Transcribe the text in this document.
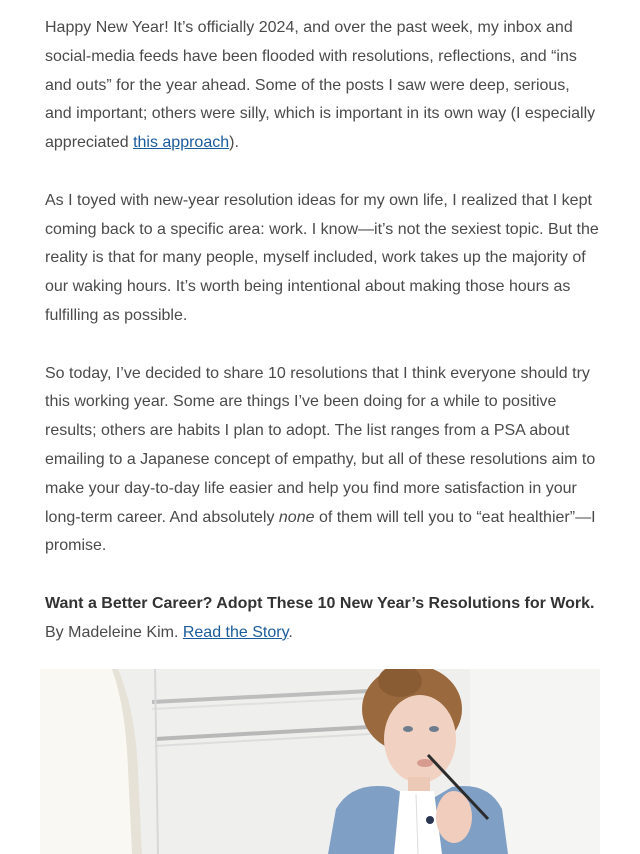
Happy New Year! It’s officially 2024, and over the past week, my inbox and social-media feeds have been flooded with resolutions, reflections, and “ins and outs” for the year ahead. Some of the posts I saw were deep, serious, and important; others were silly, which is important in its own way (I especially appreciated this approach).

As I toyed with new-year resolution ideas for my own life, I realized that I kept coming back to a specific area: work. I know—it’s not the sexiest topic. But the reality is that for many people, myself included, work takes up the majority of our waking hours. It’s worth being intentional about making those hours as fulfilling as possible.

So today, I’ve decided to share 10 resolutions that I think everyone should try this working year. Some are things I’ve been doing for a while to positive results; others are habits I plan to adopt. The list ranges from a PSA about emailing to a Japanese concept of empathy, but all of these resolutions aim to make your day-to-day life easier and help you find more satisfaction in your long-term career. And absolutely none of them will tell you to “eat healthier”—I promise.

Want a Better Career? Adopt These 10 New Year’s Resolutions for Work.
By Madeleine Kim. Read the Story.
